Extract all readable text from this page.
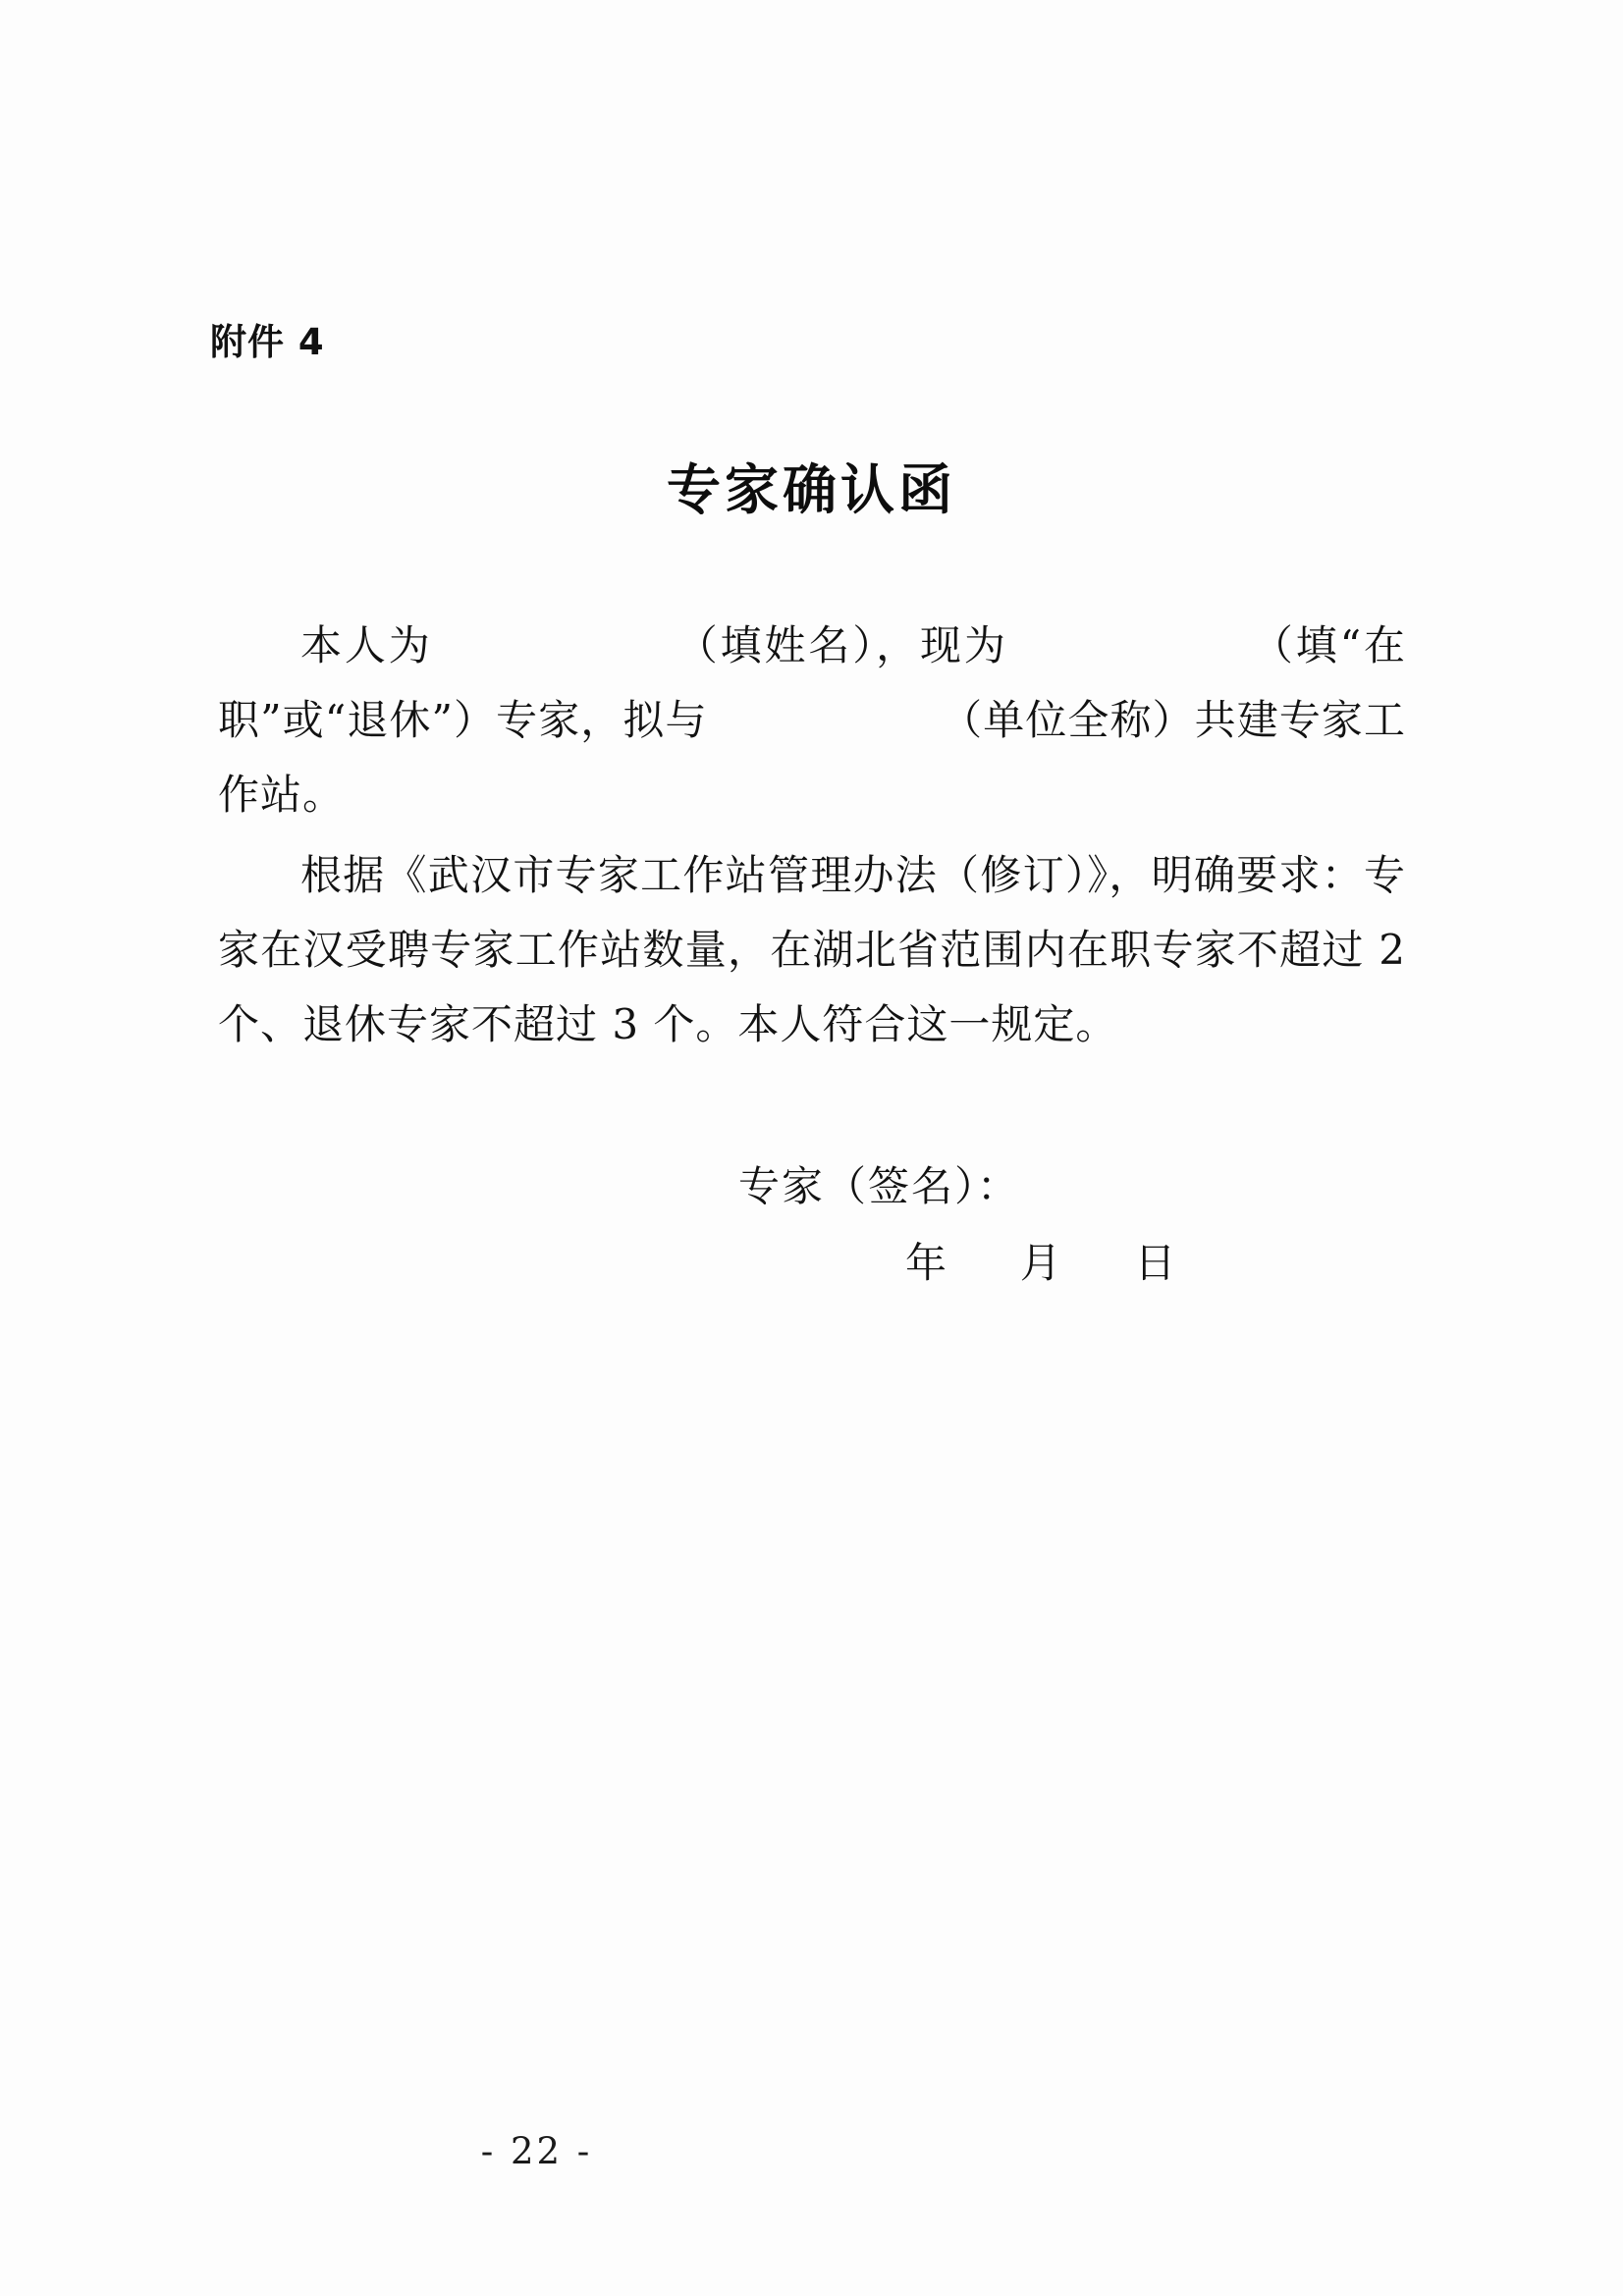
附件 4
专家确认函

本人为　　　　　　（填姓名），现为　　　　　　（填“在职”或“退休”）专家，拟与　　　　　　（单位全称）共建专家工作站。

根据《武汉市专家工作站管理办法（修订）》，明确要求：专家在汉受聘专家工作站数量，在湖北省范围内在职专家不超过 2 个、退休专家不超过 3 个。本人符合这一规定。

专家（签名）：
年 月 日
- 22 -
